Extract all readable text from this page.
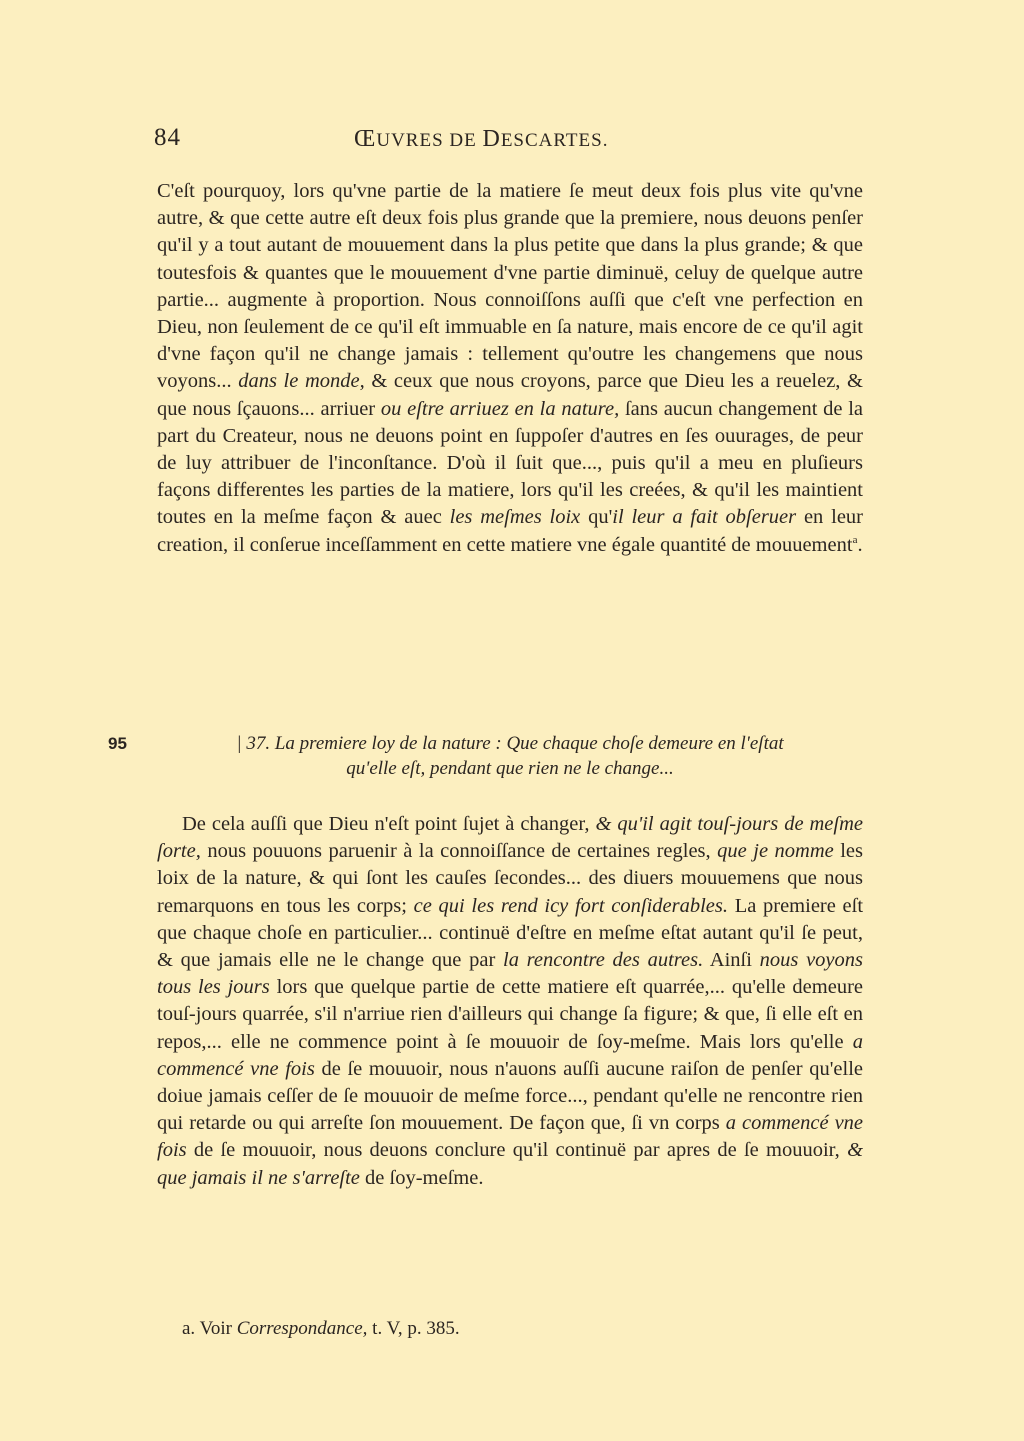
84	ŒUVRES DE DESCARTES.
C'eſt pourquoy, lors qu'vne partie de la matiere ſe meut deux fois plus vite qu'vne autre, & que cette autre eſt deux fois plus grande que la premiere, nous deuons penſer qu'il y a tout autant de mouuement dans la plus petite que dans la plus grande; & que toutesfois & quantes que le mouuement d'vne partie diminuë, celuy de quelque autre partie... augmente à proportion. Nous connoiſſons auſſi que c'eſt vne perfection en Dieu, non ſeulement de ce qu'il eſt immuable en ſa nature, mais encore de ce qu'il agit d'vne façon qu'il ne change jamais : tellement qu'outre les changemens que nous voyons... dans le monde, & ceux que nous croyons, parce que Dieu les a reuelez, & que nous ſçauons... arriuer ou eſtre arriuez en la nature, ſans aucun changement de la part du Createur, nous ne deuons point en ſuppoſer d'autres en ſes ouurages, de peur de luy attribuer de l'inconſtance. D'où il ſuit que..., puis qu'il a meu en pluſieurs façons differentes les parties de la matiere, lors qu'il les creées, & qu'il les maintient toutes en la meſme façon & auec les meſmes loix qu'il leur a fait obſeruer en leur creation, il conſerue inceſſamment en cette matiere vne égale quantité de mouuement$^a$.
95	| 37. La premiere loy de la nature : Que chaque choſe demeure en l'eſtat
qu'elle eſt, pendant que rien ne le change...
De cela auſſi que Dieu n'eſt point ſujet à changer, & qu'il agit touſ-jours de meſme ſorte, nous pouuons paruenir à la connoiſſance de certaines regles, que je nomme les loix de la nature, & qui ſont les cauſes ſecondes... des diuers mouuemens que nous remarquons en tous les corps; ce qui les rend icy fort conſiderables. La premiere eſt que chaque choſe en particulier... continuë d'eſtre en meſme eſtat autant qu'il ſe peut, & que jamais elle ne le change que par la rencontre des autres. Ainſi nous voyons tous les jours lors que quelque partie de cette matiere eſt quarrée,... qu'elle demeure touſ-jours quarrée, s'il n'arriue rien d'ailleurs qui change ſa figure; & que, ſi elle eſt en repos,... elle ne commence point à ſe mouuoir de ſoy-meſme. Mais lors qu'elle a commencé vne fois de ſe mouuoir, nous n'auons auſſi aucune raiſon de penſer qu'elle doiue jamais ceſſer de ſe mouuoir de meſme force..., pendant qu'elle ne rencontre rien qui retarde ou qui arreſte ſon mouuement. De façon que, ſi vn corps a commencé vne fois de ſe mouuoir, nous deuons conclure qu'il continuë par apres de ſe mouuoir, & que jamais il ne s'arreſte de ſoy-meſme.
a. Voir Correspondance, t. V, p. 385.
